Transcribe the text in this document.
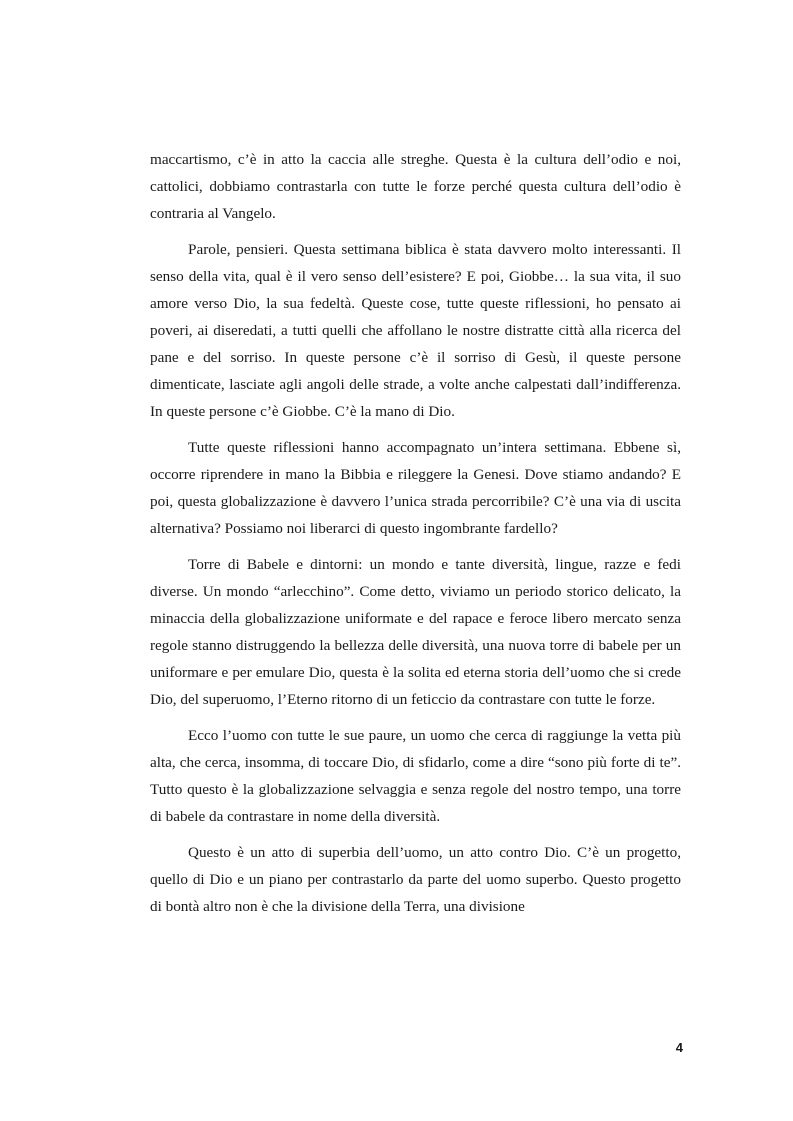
maccartismo, c’è in atto la caccia alle streghe. Questa è la cultura dell’odio e noi, cattolici, dobbiamo contrastarla con tutte le forze perché questa cultura dell’odio è contraria al Vangelo.

Parole, pensieri. Questa settimana biblica è stata davvero molto interessanti. Il senso della vita, qual è il vero senso dell’esistere? E poi, Giobbe… la sua vita, il suo amore verso Dio, la sua fedeltà. Queste cose, tutte queste riflessioni, ho pensato ai poveri, ai diseredati, a tutti quelli che affollano le nostre distratte città alla ricerca del pane e del sorriso. In queste persone c’è il sorriso di Gesù, il queste persone dimenticate, lasciate agli angoli delle strade, a volte anche calpestati dall’indifferenza. In queste persone c’è Giobbe. C’è la mano di Dio.

Tutte queste riflessioni hanno accompagnato un’intera settimana. Ebbene sì, occorre riprendere in mano la Bibbia e rileggere la Genesi. Dove stiamo andando? E poi, questa globalizzazione è davvero l’unica strada percorribile? C’è una via di uscita alternativa? Possiamo noi liberarci di questo ingombrante fardello?

Torre di Babele e dintorni: un mondo e tante diversità, lingue, razze e fedi diverse. Un mondo “arlecchino”. Come detto, viviamo un periodo storico delicato, la minaccia della globalizzazione uniformate e del rapace e feroce libero mercato senza regole stanno distruggendo la bellezza delle diversità, una nuova torre di babele per un uniformare e per emulare Dio, questa è la solita ed eterna storia dell’uomo che si crede Dio, del superuomo, l’Eterno ritorno di un feticcio da contrastare con tutte le forze.

Ecco l’uomo con tutte le sue paure, un uomo che cerca di raggiunge la vetta più alta, che cerca, insomma, di toccare Dio, di sfidarlo, come a dire “sono più forte di te”. Tutto questo è la globalizzazione selvaggia e senza regole del nostro tempo, una torre di babele da contrastare in nome della diversità.

Questo è un atto di superbia dell’uomo, un atto contro Dio. C’è un progetto, quello di Dio e un piano per contrastarlo da parte del uomo superbo. Questo progetto di bontà altro non è che la divisione della Terra, una divisione

4
